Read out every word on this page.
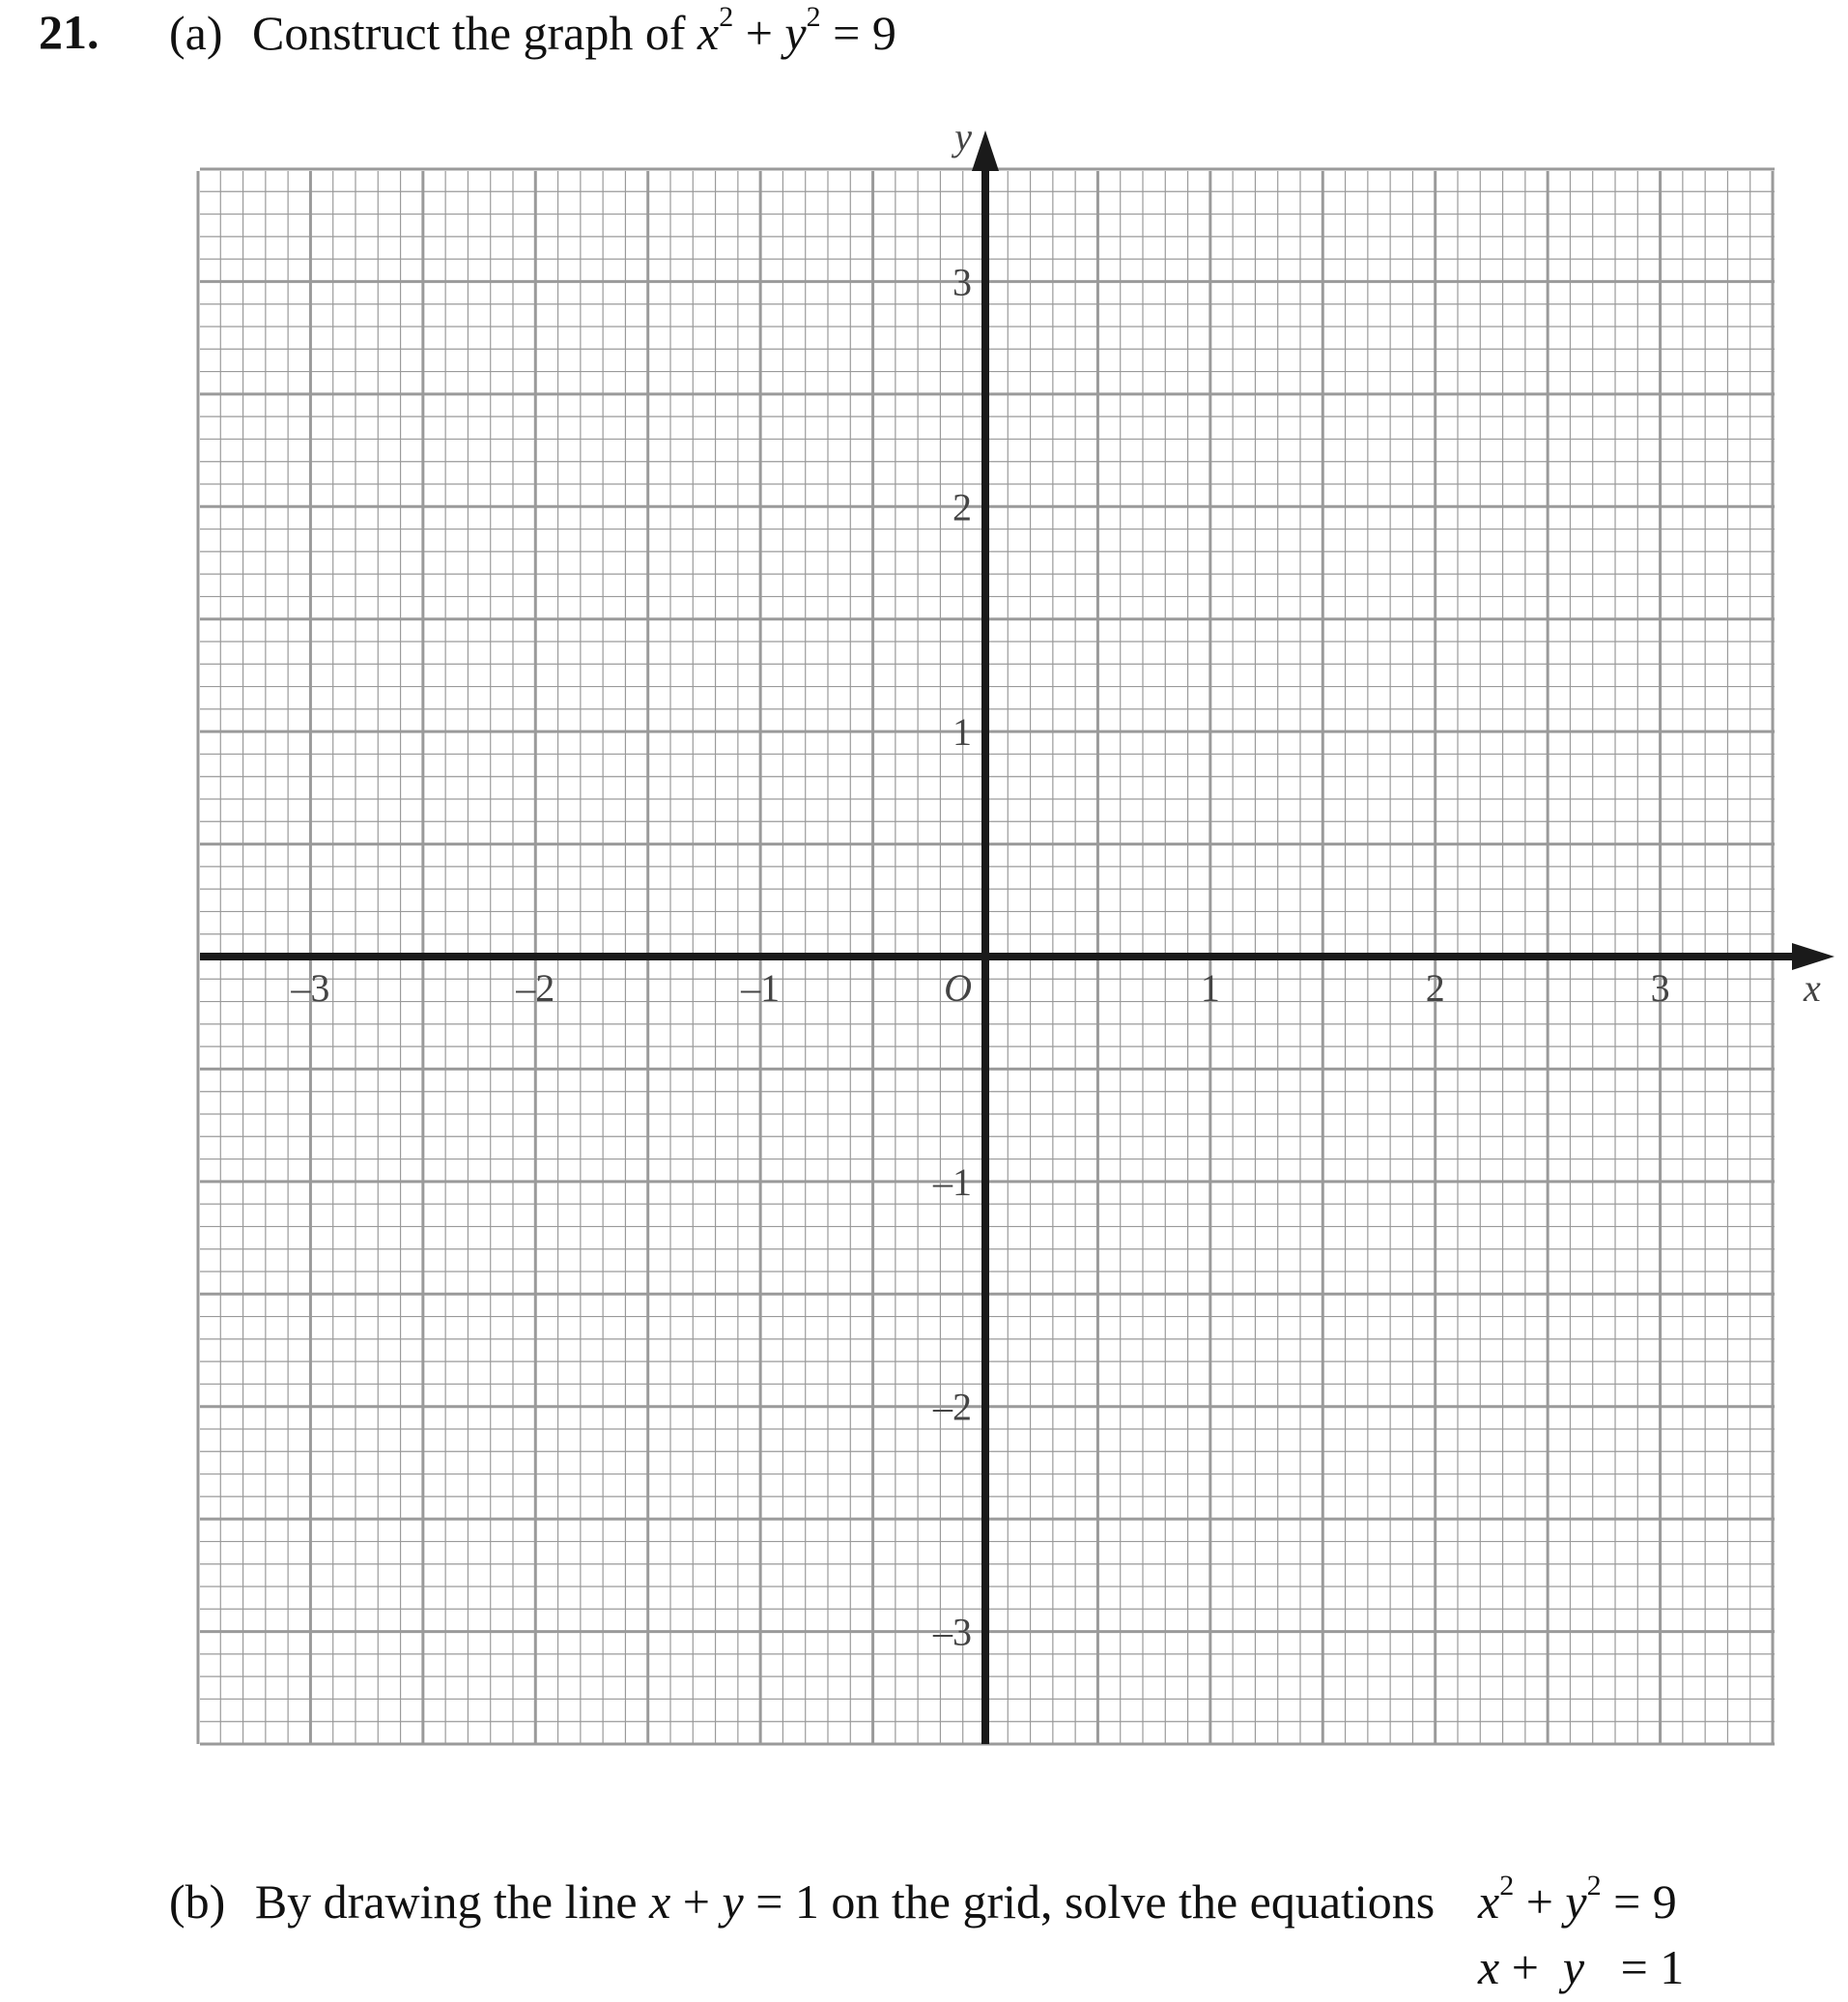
21. (a) Construct the graph of $x^2 + y^2 = 9$
–3	–2	–1	1	2	3
3
2
1
–1
–2
–3
O	x
y
(b) By drawing the line x + y = 1 on the grid, solve the equations $x^2 + y^2 = 9$
x + y = 1
